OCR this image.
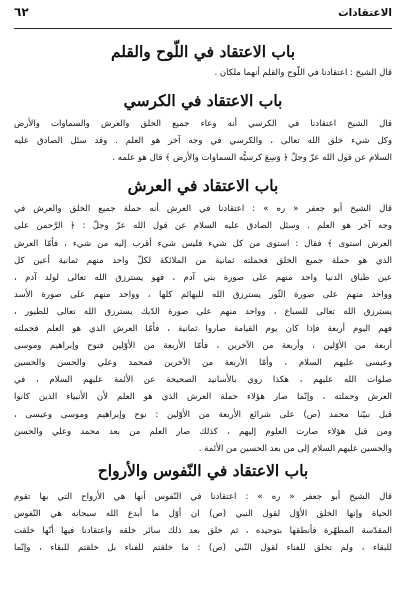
الاعتقادات
٦٢
باب الاعتقاد في اللّوح والقلم
قال الشيخ : اعتقادنا في اللّوح والقلم أنهما ملكان .
باب الاعتقاد في الكرسي
قال الشيخ اعتقادنا في الكرسي أنه وعاء جميع الخلق والعرش والسماوات والأرض
وكل شيء خلق الله تعالى ، والكرسي في وجه آخر هو العلم . وقد سئل الصادق عليه
السلام عن قول الله عزّ وجلّ ﴿ وَسِعَ كرسيُّه السماوات والأرض ﴾ قال هو علمه .
باب الاعتقاد في العرش
قال الشيخ أبو جعفر « ره » : اعتقادنا في العرش أنه حملة جميع الخلق والعرش في
وجه آخر هو العلم . وسئل الصادق عليه السلام عن قول الله عزّ وجلّ : ﴿ الرَّحمن على
العرش استوى ﴾ فقال : استوى من كل شيء فليس شيء أقرب إليه من شيء ، فأمّا العرش
الذي هو حملة جميع الخلق فحملته ثمانية من الملائكة لكلّ واحد منهم ثمانية أعين كل
عين طباق الدنيا واحد منهم على صورة بني آدم ، فهو يسترزق الله تعالى لولد آدم ،
وواحد منهم على صورة الثّور يسترزق الله للبهائم كلها ، وواحد منهم على صورة الأسد
يسترزق الله تعالى للسباع ، وواحد منهم على صورة الدّيك يسترزق الله تعالى للطيور ،
فهم اليوم أربعة فإذا كان يوم القيامة صاروا ثمانية ، فأمّا العرش الذي هو العلم فحملته
أربعة من الأوّلين ، وأربعة من الآخرين ، فأمّا الأربعة من الأوّلين فنوح وإبراهيم وموسى
وعيسى عليهم السلام ، وأمّا الأربعة من الآخرين فمحمد وعلي والحسن والحسين
صلوات الله عليهم ، هكذا روي بالأسانيد الصحيحة عن الأئمة عليهم السلام ، في
العرش وحملته ، وإنّما صار هؤلاء حملة العرش الذي هو العلم لأن الأنبياء الذين كانوا
قبل نبيّنا محمد (ص) على شرائع الأربعة من الأوّلين : نوح وإبراهيم وموسى وعيسى ،
ومن قبل هؤلاء صارت العلوم إليهم ، كذلك صار العلم من بعد محمد وعلي والحسن
والحسين عليهم السلام إلى من بعد الحسين من الأئمة .
باب الاعتقاد في النّفوس والأرواح
قال الشيخ أبو جعفر « ره » : اعتقادنا في النّفوس أنها هي الأرواح التي بها تقوم
الحياة وإنها الخلق الأوّل لقول النبي (ص) ان أوّل ما أبدع الله سبحانه هي النّفوس
المقدّسة المطهّرة فأنطقها بتوحيده ، ثم خلق بعد ذلك سائر خلقه واعتقادنا فيها أنّها خلقت
للبقاء ، ولم تخلق للفناء لقول النّبي (ص) : ما خلقتم للفناء بل خلقتم للبقاء ، وإنّما
